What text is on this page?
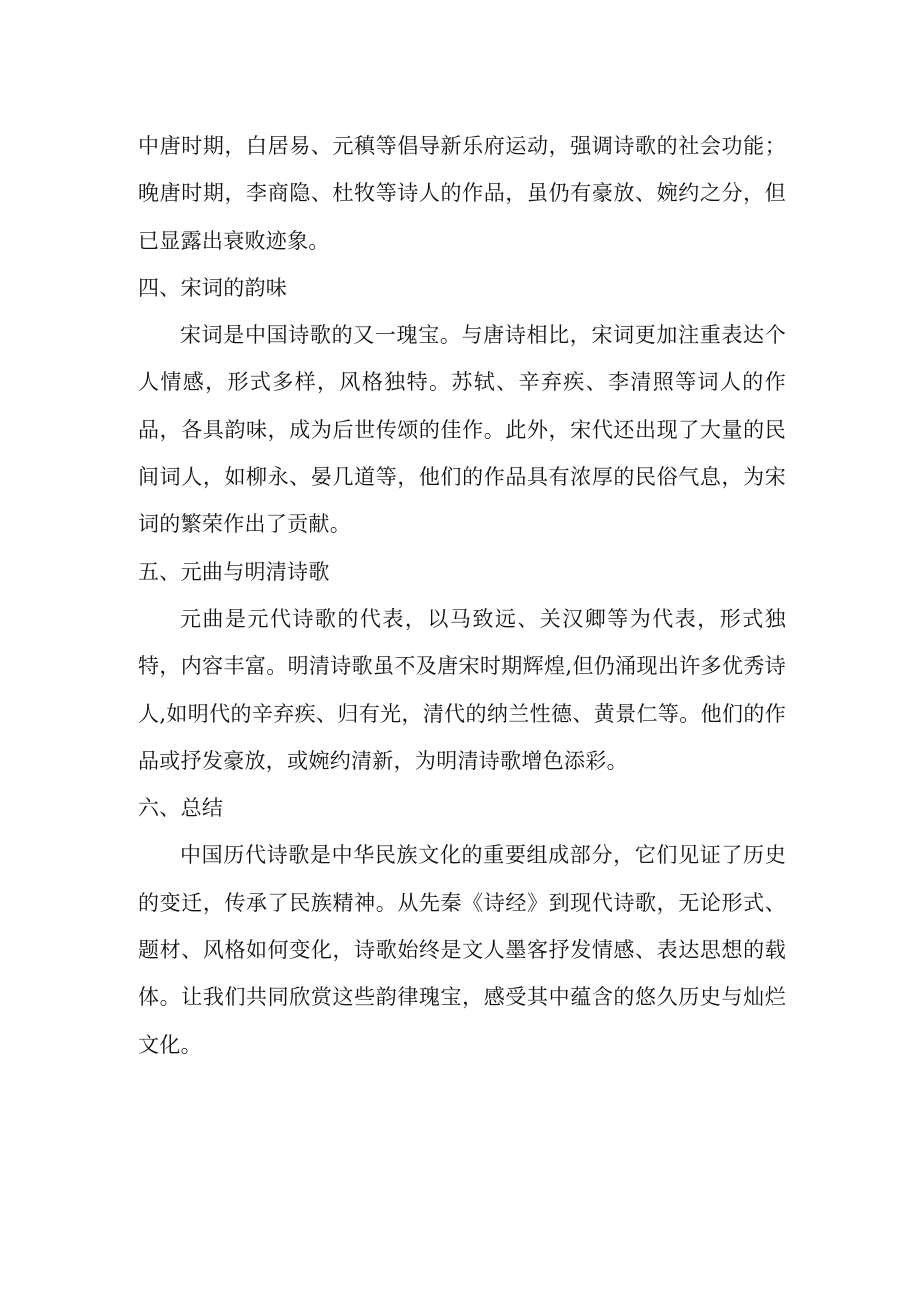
中唐时期，白居易、元稹等倡导新乐府运动，强调诗歌的社会功能；晚唐时期，李商隐、杜牧等诗人的作品，虽仍有豪放、婉约之分，但已显露出衰败迹象。

四、宋词的韵味

宋词是中国诗歌的又一瑰宝。与唐诗相比，宋词更加注重表达个人情感，形式多样，风格独特。苏轼、辛弃疾、李清照等词人的作品，各具韵味，成为后世传颂的佳作。此外，宋代还出现了大量的民间词人，如柳永、晏几道等，他们的作品具有浓厚的民俗气息，为宋词的繁荣作出了贡献。

五、元曲与明清诗歌

元曲是元代诗歌的代表，以马致远、关汉卿等为代表，形式独特，内容丰富。明清诗歌虽不及唐宋时期辉煌,但仍涌现出许多优秀诗人,如明代的辛弃疾、归有光，清代的纳兰性德、黄景仁等。他们的作品或抒发豪放，或婉约清新，为明清诗歌增色添彩。

六、总结

中国历代诗歌是中华民族文化的重要组成部分，它们见证了历史的变迁，传承了民族精神。从先秦《诗经》到现代诗歌，无论形式、题材、风格如何变化，诗歌始终是文人墨客抒发情感、表达思想的载体。让我们共同欣赏这些韵律瑰宝，感受其中蕴含的悠久历史与灿烂文化。
